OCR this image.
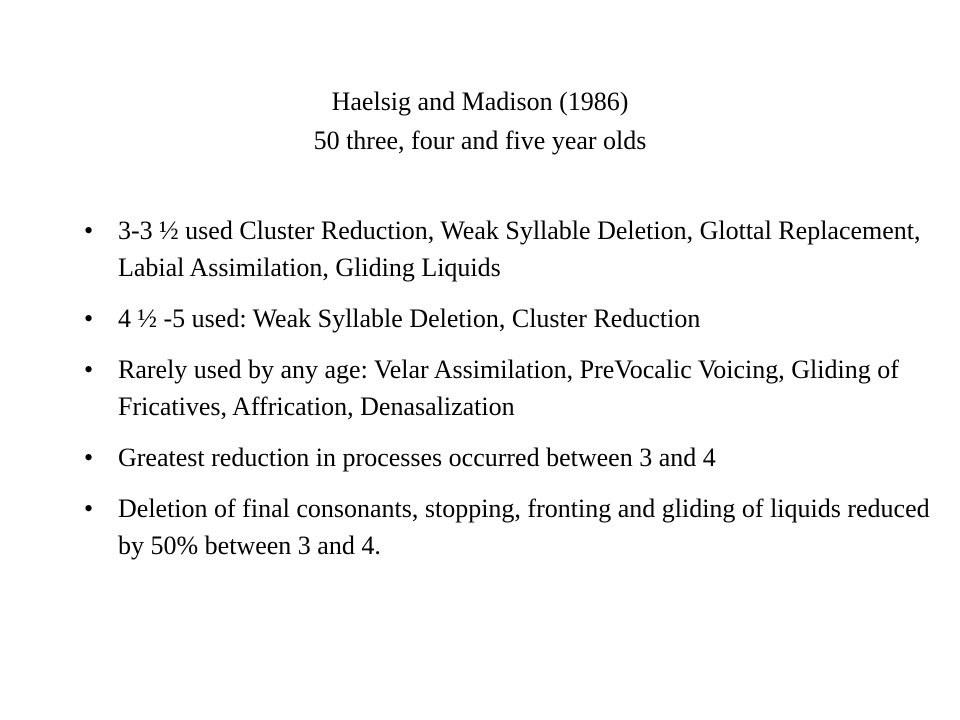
Haelsig and Madison (1986)
50 three, four and five year olds
• 3-3 ½ used Cluster Reduction, Weak Syllable Deletion, Glottal Replacement, Labial Assimilation, Gliding Liquids
• 4 ½ -5 used: Weak Syllable Deletion, Cluster Reduction
• Rarely used by any age: Velar Assimilation, PreVocalic Voicing, Gliding of Fricatives, Affrication, Denasalization
• Greatest reduction in processes occurred between 3 and 4
• Deletion of final consonants, stopping, fronting and gliding of liquids reduced by 50% between 3 and 4.
